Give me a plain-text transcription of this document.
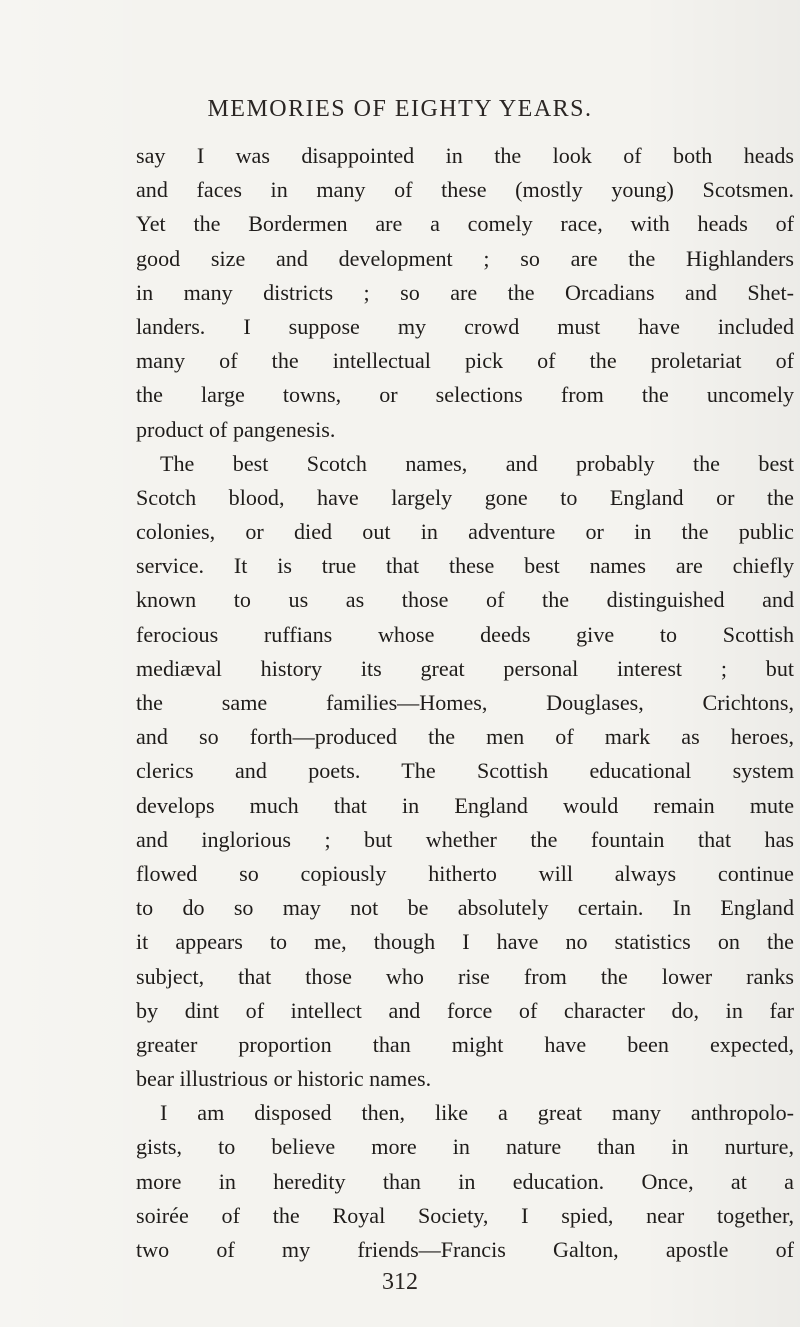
MEMORIES OF EIGHTY YEARS.
say I was disappointed in the look of both heads
and faces in many of these (mostly young) Scotsmen.
Yet the Bordermen are a comely race, with heads of
good size and development ; so are the Highlanders
in many districts ; so are the Orcadians and Shet-
landers. I suppose my crowd must have included
many of the intellectual pick of the proletariat of
the large towns, or selections from the uncomely
product of pangenesis.
The best Scotch names, and probably the best
Scotch blood, have largely gone to England or the
colonies, or died out in adventure or in the public
service. It is true that these best names are chiefly
known to us as those of the distinguished and
ferocious ruffians whose deeds give to Scottish
mediæval history its great personal interest ; but
the same families—Homes, Douglases, Crichtons,
and so forth—produced the men of mark as heroes,
clerics and poets. The Scottish educational system
develops much that in England would remain mute
and inglorious ; but whether the fountain that has
flowed so copiously hitherto will always continue
to do so may not be absolutely certain. In England
it appears to me, though I have no statistics on the
subject, that those who rise from the lower ranks
by dint of intellect and force of character do, in far
greater proportion than might have been expected,
bear illustrious or historic names.
I am disposed then, like a great many anthropolo-
gists, to believe more in nature than in nurture,
more in heredity than in education. Once, at a
soirée of the Royal Society, I spied, near together,
two of my friends—Francis Galton, apostle of
312
